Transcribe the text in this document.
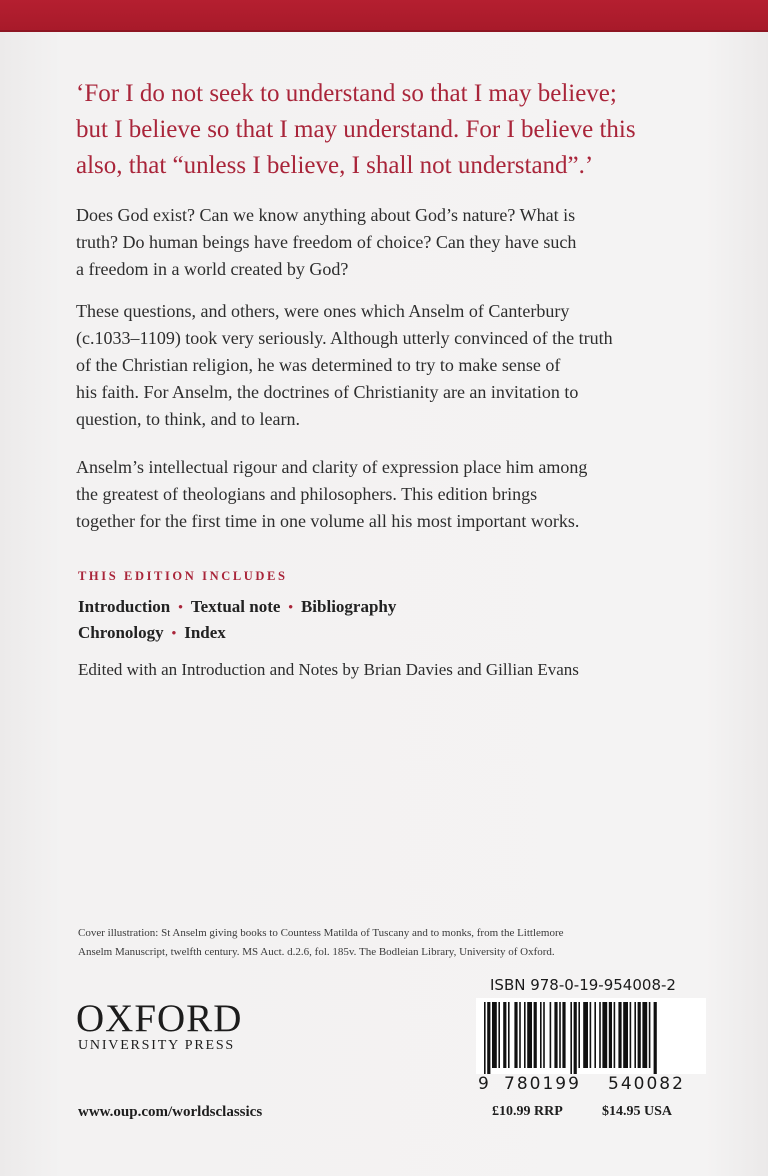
‘For I do not seek to understand so that I may believe;
but I believe so that I may understand. For I believe this
also, that “unless I believe, I shall not understand”.’
Does God exist? Can we know anything about God’s nature? What is
truth? Do human beings have freedom of choice? Can they have such
a freedom in a world created by God?
These questions, and others, were ones which Anselm of Canterbury
(c.1033–1109) took very seriously. Although utterly convinced of the truth
of the Christian religion, he was determined to try to make sense of
his faith. For Anselm, the doctrines of Christianity are an invitation to
question, to think, and to learn.
Anselm’s intellectual rigour and clarity of expression place him among
the greatest of theologians and philosophers. This edition brings
together for the first time in one volume all his most important works.
THIS EDITION INCLUDES
Introduction • Textual note • Bibliography
Chronology • Index
Edited with an Introduction and Notes by Brian Davies and Gillian Evans
Cover illustration: St Anselm giving books to Countess Matilda of Tuscany and to monks, from the Littlemore
Anselm Manuscript, twelfth century. MS Auct. d.2.6, fol. 185v. The Bodleian Library, University of Oxford.
OXFORD
UNIVERSITY PRESS
www.oup.com/worldsclassics
ISBN 978-0-19-954008-2
9 780199 540082
£10.99 RRP	$14.95 USA
